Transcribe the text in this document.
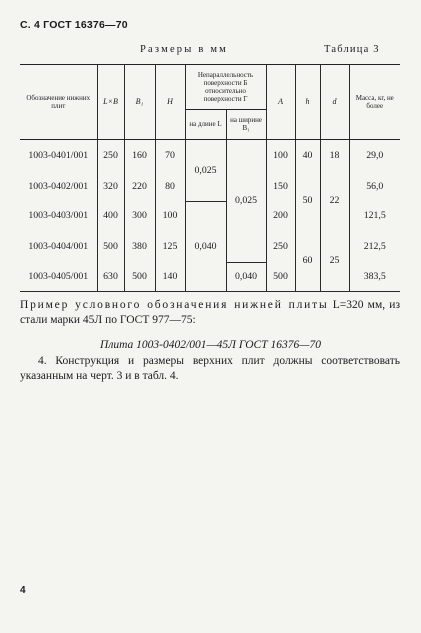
С. 4 ГОСТ 16376—70
Размеры в мм	Таблица 3
Обозначение нижних плит	L×B	B₁	H	Непараллельность поверхности Б относительно поверхности Г		A	h	d	Масса, кг, не более
				на длине L	на ширине B₁				
1003-0401/001	250	160	70	0,025	0,025	100	40	18	29,0
1003-0402/001	320	220	80			150	50	22	56,0
1003-0403/001	400	300	100	0,040		200			121,5
1003-0404/001	500	380	125			250	60	25	212,5
1003-0405/001	630	500	140		0,040	500			383,5
Пример условного обозначения нижней плиты L=320 мм, из стали марки 45Л по ГОСТ 977—75:
Плита 1003-0402/001—45Л ГОСТ 16376—70
4. Конструкция и размеры верхних плит должны соответствовать указанным на черт. 3 и в табл. 4.
4
